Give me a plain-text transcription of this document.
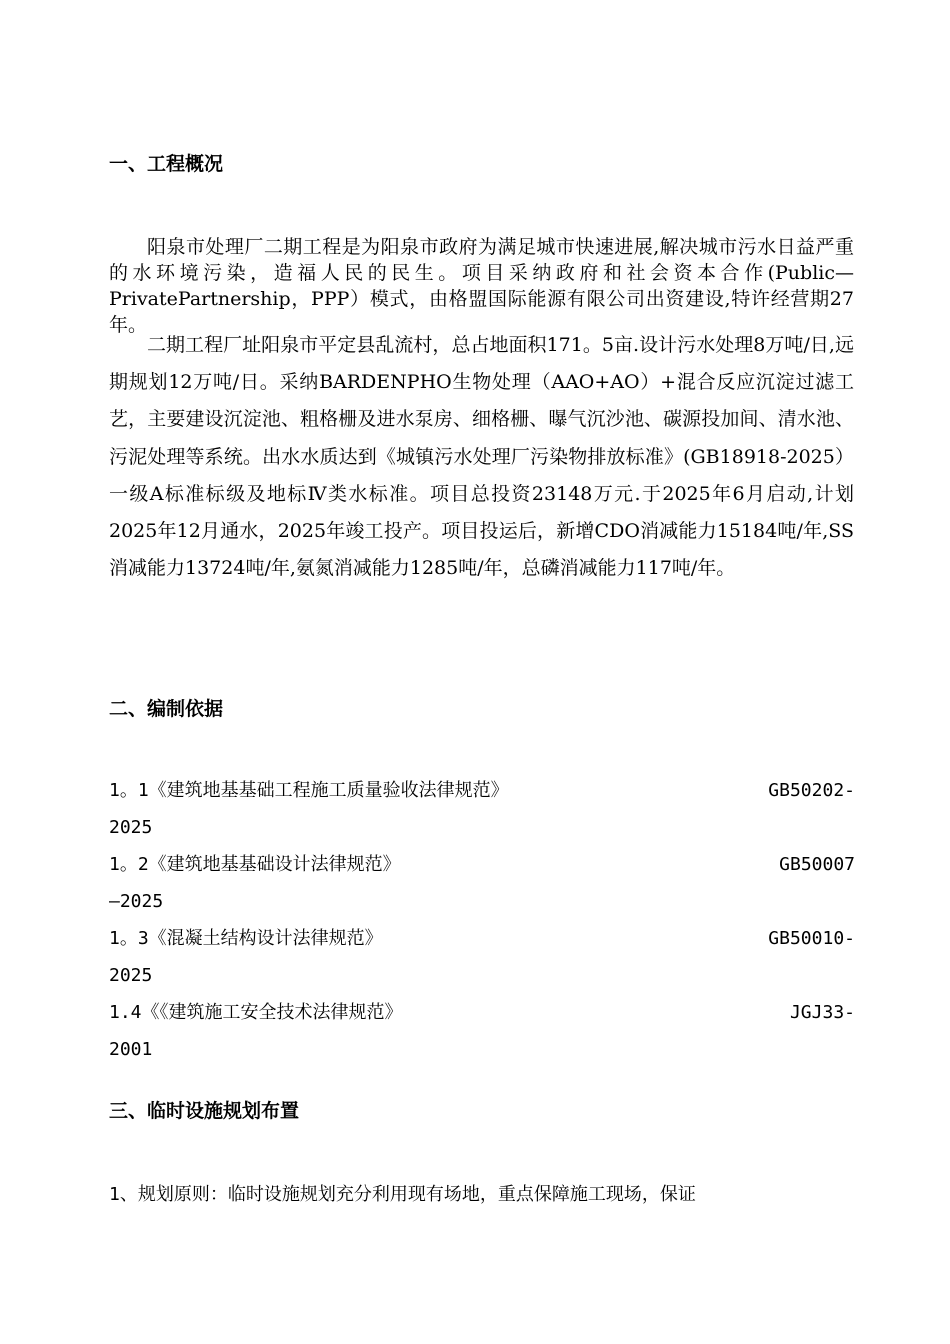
一、工程概况

阳泉市处理厂二期工程是为阳泉市政府为满足城市快速进展,解决城市污水日益严重的水环境污染，造福人民的民生。项目采纳政府和社会资本合作(Public—PrivatePartnership，PPP）模式，由格盟国际能源有限公司出资建设,特许经营期27年。

二期工程厂址阳泉市平定县乱流村，总占地面积171。5亩.设计污水处理8万吨/日,远期规划12万吨/日。采纳BARDENPHO生物处理（AAO+AO）+混合反应沉淀过滤工艺，主要建设沉淀池、粗格栅及进水泵房、细格栅、曝气沉沙池、碳源投加间、清水池、污泥处理等系统。出水水质达到《城镇污水处理厂污染物排放标准》(GB18918-2025）一级A标准标级及地标Ⅳ类水标准。项目总投资23148万元.于2025年6月启动,计划2025年12月通水，2025年竣工投产。项目投运后，新增CDO消减能力15184吨/年,SS消减能力13724吨/年,氨氮消减能力1285吨/年，总磷消减能力117吨/年。

二、编制依据
1。1《建筑地基基础工程施工质量验收法律规范》	GB50202-
2025
1。2《建筑地基基础设计法律规范》	GB50007
—2025
1。3《混凝土结构设计法律规范》	GB50010-
2025
1.4《《建筑施工安全技术法律规范》	JGJ33-
2001
三、临时设施规划布置

1、规划原则：临时设施规划充分利用现有场地，重点保障施工现场，保证
